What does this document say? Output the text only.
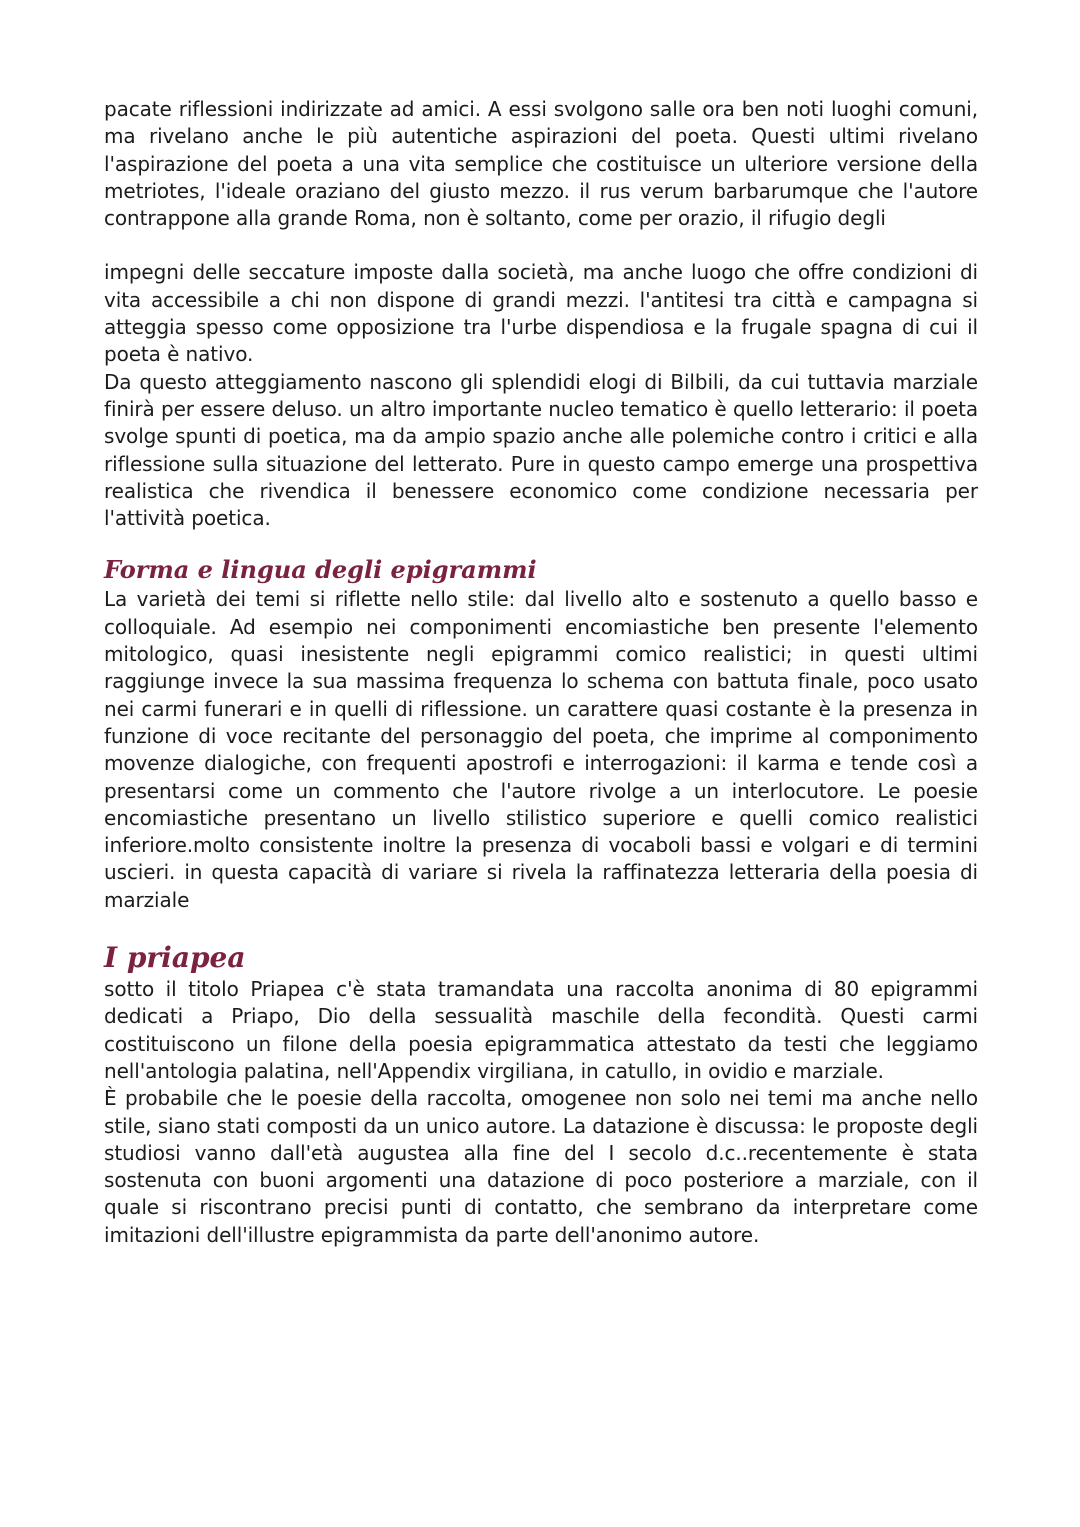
pacate riflessioni indirizzate ad amici. A essi svolgono salle ora ben noti luoghi comuni, ma rivelano anche le più autentiche aspirazioni del poeta. Questi ultimi rivelano l'aspirazione del poeta a una vita semplice che costituisce un ulteriore versione della metriotes, l'ideale oraziano del giusto mezzo. il rus verum barbarumque che l'autore contrappone alla grande Roma, non è soltanto, come per orazio, il rifugio degli

impegni delle seccature imposte dalla società, ma anche luogo che offre condizioni di vita accessibile a chi non dispone di grandi mezzi. l'antitesi tra città e campagna si atteggia spesso come opposizione tra l'urbe dispendiosa e la frugale spagna di cui il poeta è nativo.

Da questo atteggiamento nascono gli splendidi elogi di Bilbili, da cui tuttavia marziale finirà per essere deluso. un altro importante nucleo tematico è quello letterario: il poeta svolge spunti di poetica, ma da ampio spazio anche alle polemiche contro i critici e alla riflessione sulla situazione del letterato. Pure in questo campo emerge una prospettiva realistica che rivendica il benessere economico come condizione necessaria per l'attività poetica.

Forma e lingua degli epigrammi

La varietà dei temi si riflette nello stile: dal livello alto e sostenuto a quello basso e colloquiale. Ad esempio nei componimenti encomiastiche ben presente l'elemento mitologico, quasi inesistente negli epigrammi comico realistici; in questi ultimi raggiunge invece la sua massima frequenza lo schema con battuta finale, poco usato nei carmi funerari e in quelli di riflessione. un carattere quasi costante è la presenza in funzione di voce recitante del personaggio del poeta, che imprime al componimento movenze dialogiche, con frequenti apostrofi e interrogazioni: il karma e tende così a presentarsi come un commento che l'autore rivolge a un interlocutore. Le poesie encomiastiche presentano un livello stilistico superiore e quelli comico realistici inferiore.molto consistente inoltre la presenza di vocaboli bassi e volgari e di termini uscieri. in questa capacità di variare si rivela la raffinatezza letteraria della poesia di marziale

I priapea

sotto il titolo Priapea c'è stata tramandata una raccolta anonima di 80 epigrammi dedicati a Priapo, Dio della sessualità maschile della fecondità. Questi carmi costituiscono un filone della poesia epigrammatica attestato da testi che leggiamo nell'antologia palatina, nell'Appendix virgiliana, in catullo, in ovidio e marziale.

È probabile che le poesie della raccolta, omogenee non solo nei temi ma anche nello stile, siano stati composti da un unico autore. La datazione è discussa: le proposte degli studiosi vanno dall'età augustea alla fine del I secolo d.c..recentemente è stata sostenuta con buoni argomenti una datazione di poco posteriore a marziale, con il quale si riscontrano precisi punti di contatto, che sembrano da interpretare come imitazioni dell'illustre epigrammista da parte dell'anonimo autore.
